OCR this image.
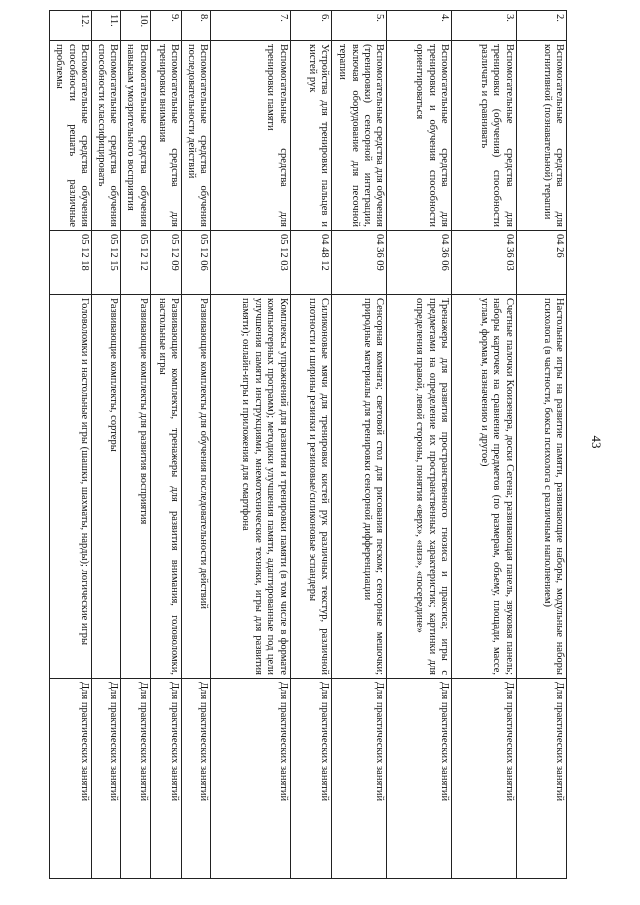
43
2.	Вспомогательные средства для когнитивной (познавательной) терапии	04 26	Настольные игры на развитие памяти, развивающие наборы, модульные наборы психолога (в частности, боксы психолога с различным наполнением)	Для практических занятий
3.	Вспомогательные средства для тренировки (обучения) способности различать и сравнивать	04 36 03	Счетные палочки Кюизенера, доски Сегена; развивающая панель, звуковая панель; наборы карточек на сравнение предметов (по размерам, объему, площади, массе, углам, формам, назначению и другое)	Для практических занятий
4.	Вспомогательные средства для тренировки и обучения способности ориентироваться	04 36 06	Тренажеры для развития пространственного гнозиса и праксиса; игры с предметами на определение их пространственных характеристик; картинки для определения правой, левой стороны, понятия «верх», «низ», «посередине»	Для практических занятий
5.	Вспомогательные средства для обучения (тренировки) сенсорной интеграции, включая оборудование для песочной терапии	04 36 09	Сенсорная комната; световой стол для рисования песком; сенсорные мешочки; природные материалы для тренировки сенсорной дифференциации	Для практических занятий
6.	Устройства для тренировки пальцев и кистей рук	04 48 12	Силиконовые мячи для тренировки кистей рук различных текстур, различной плотности и ширины резинки и резиновые/силиконовые эспандеры	Для практических занятий
7.	Вспомогательные средства для тренировки памяти	05 12 03	Комплексы упражнений для развития и тренировки памяти (в том числе в формате компьютерных программ); методики улучшения памяти, адаптированные под цели улучшения памяти инструкциями, мнемотехнические техники, игры для развития памяти); онлайн-игры и приложения для смартфона	Для практических занятий
8.	Вспомогательные средства обучения последовательности действий	05 12 06	Развивающие комплекты для обучения последовательности действий	Для практических занятий
9.	Вспомогательные средства для тренировки внимания	05 12 09	Развивающие комплекты, тренажеры для развития внимания, головоломки, настольные игры	Для практических занятий
10.	Вспомогательные средства обучения навыкам умозрительного восприятия	05 12 12	Развивающие комплекты для развития восприятия	Для практических занятий
11.	Вспомогательные средства обучения способности классифицировать	05 12 15	Развивающие комплекты, сортеры	Для практических занятий
12.	Вспомогательные средства обучения способности решать различные проблемы	05 12 18	Головоломки и настольные игры (шашки, шахматы, нарды); логические игры	Для практических занятий
